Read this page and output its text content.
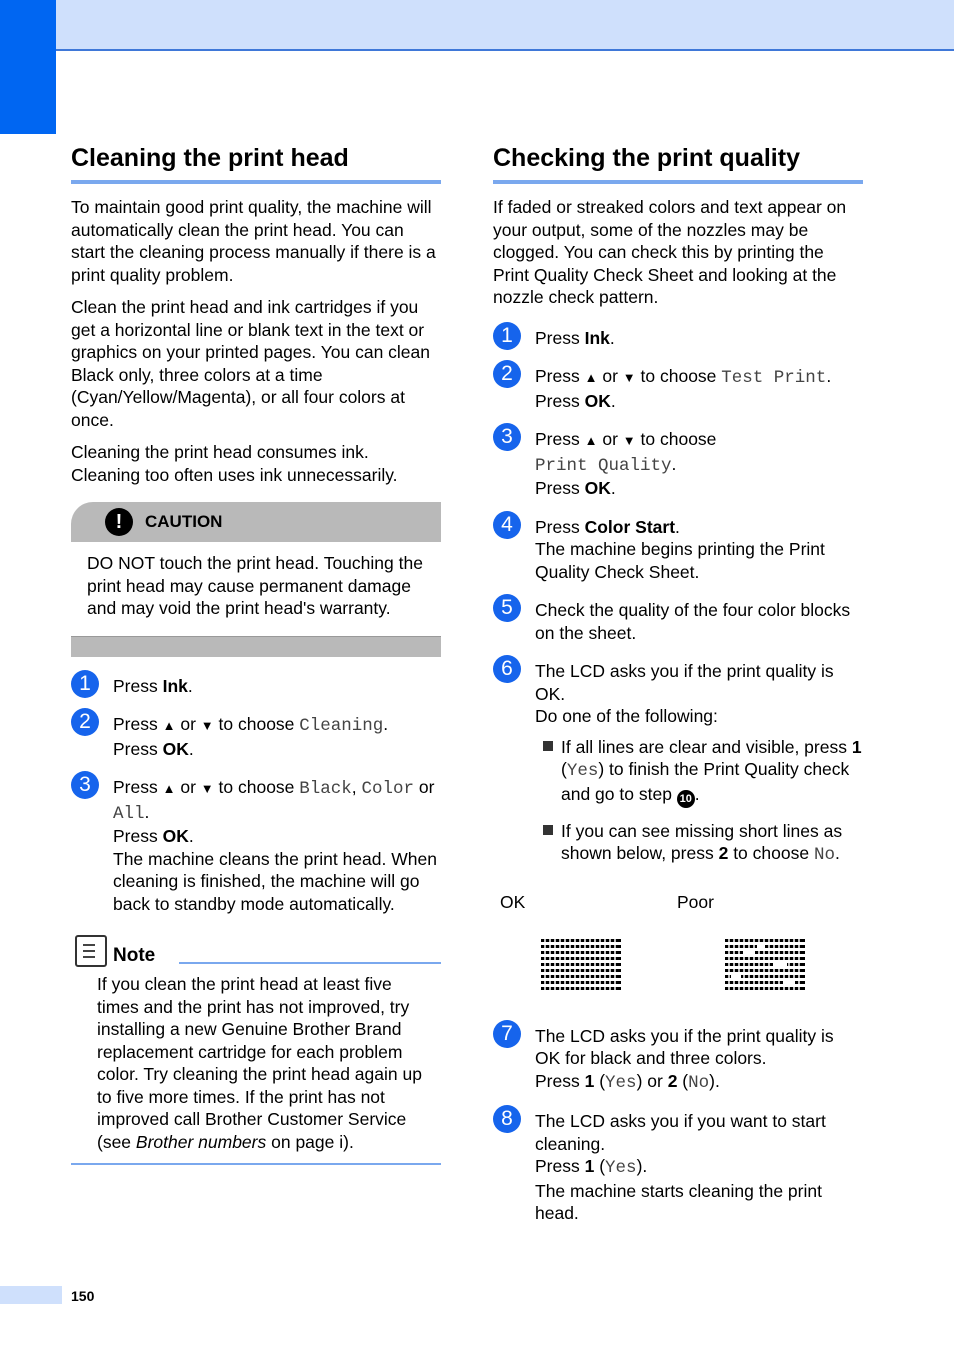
Cleaning the print head

To maintain good print quality, the machine will automatically clean the print head. You can start the cleaning process manually if there is a print quality problem.

Clean the print head and ink cartridges if you get a horizontal line or blank text in the text or graphics on your printed pages. You can clean Black only, three colors at a time (Cyan/Yellow/Magenta), or all four colors at once.

Cleaning the print head consumes ink. Cleaning too often uses ink unnecessarily.

!	CAUTION
DO NOT touch the print head. Touching the print head may cause permanent damage and may void the print head's warranty.
1	Press Ink.
2	Press ▲ or ▼ to choose Cleaning.
Press OK.
3	Press ▲ or ▼ to choose Black, Color or
All.
Press OK.
The machine cleans the print head. When cleaning is finished, the machine will go back to standby mode automatically.
Note
If you clean the print head at least five times and the print has not improved, try installing a new Genuine Brother Brand replacement cartridge for each problem color. Try cleaning the print head again up to five more times. If the print has not improved call Brother Customer Service (see Brother numbers on page i).
Checking the print quality

If faded or streaked colors and text appear on your output, some of the nozzles may be clogged. You can check this by printing the Print Quality Check Sheet and looking at the nozzle check pattern.

1	Press Ink.
2	Press ▲ or ▼ to choose Test Print.
Press OK.
3	Press ▲ or ▼ to choose
Print Quality.
Press OK.
4	Press Color Start.
The machine begins printing the Print Quality Check Sheet.
5	Check the quality of the four color blocks on the sheet.
6	The LCD asks you if the print quality is OK.
Do one of the following:
If all lines are clear and visible, press 1 (Yes) to finish the Print Quality check and go to step 10 .
If you can see missing short lines as shown below, press 2 to choose No.
OK	Poor
7	The LCD asks you if the print quality is OK for black and three colors.
Press 1 (Yes) or 2 (No).
8	The LCD asks you if you want to start cleaning.
Press 1 (Yes).
The machine starts cleaning the print head.
150
